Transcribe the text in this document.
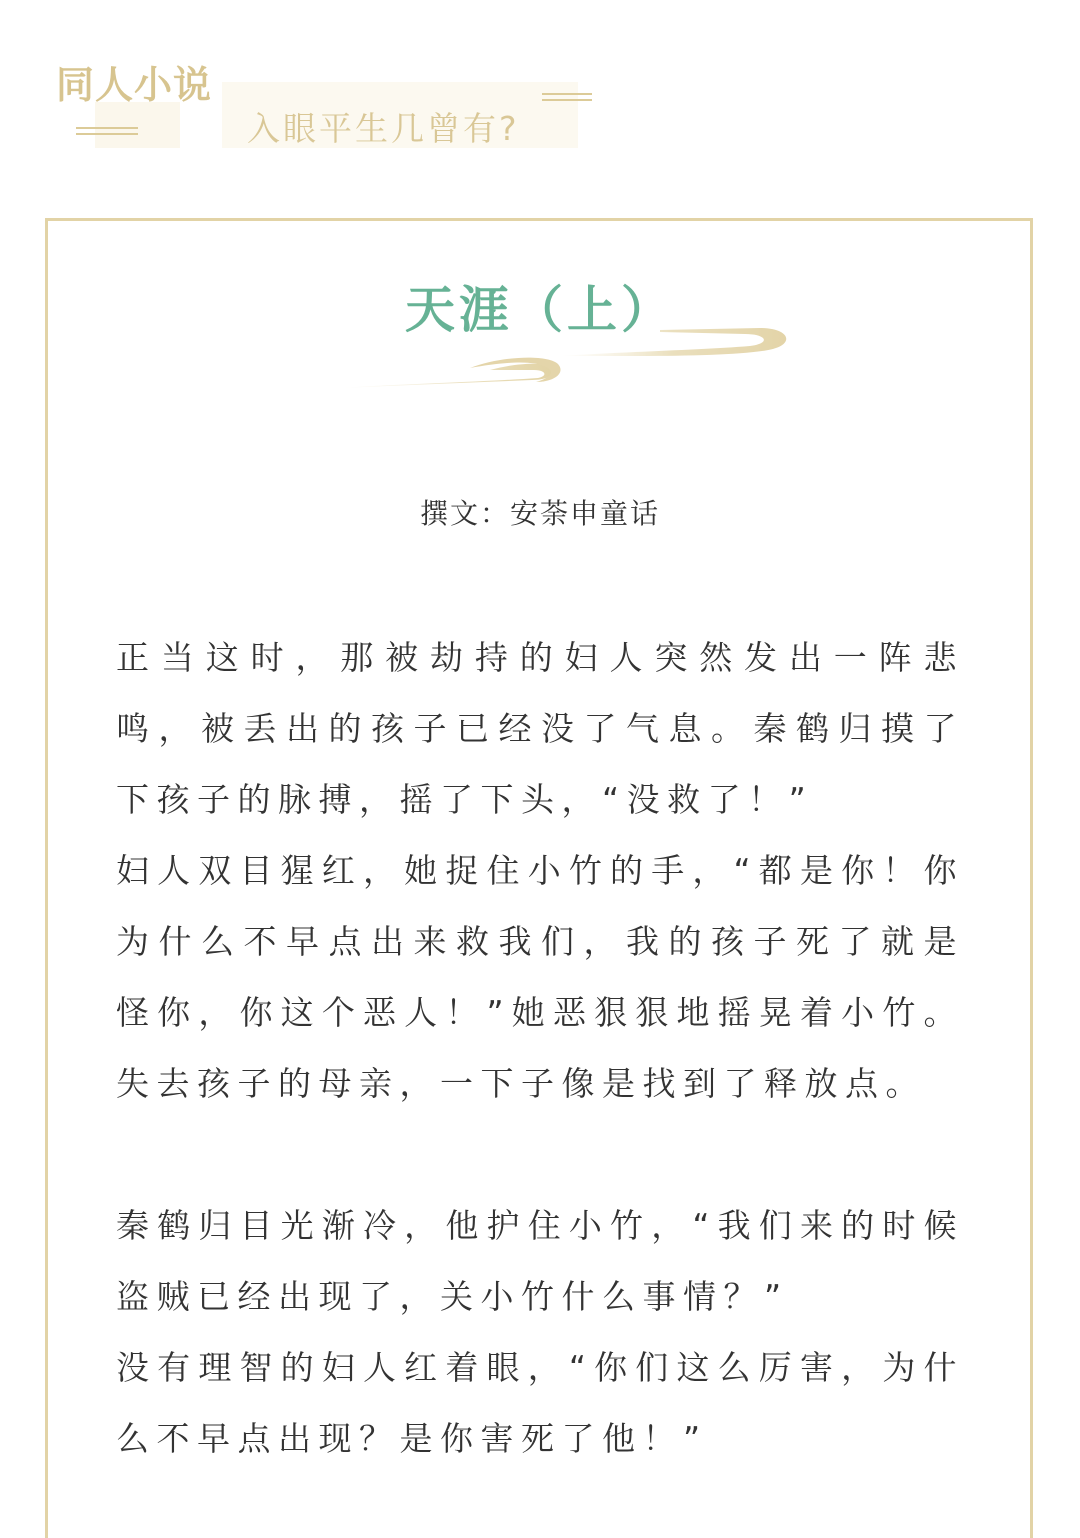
同人小说
入眼平生几曾有?
天涯（上）
撰文：安荼申童话

正当这时，那被劫持的妇人突然发出一阵悲鸣，被丢出的孩子已经没了气息。秦鹤归摸了下孩子的脉搏，摇了下头，“没救了！”

妇人双目猩红，她捉住小竹的手，“都是你！你为什么不早点出来救我们，我的孩子死了就是怪你，你这个恶人！”她恶狠狠地摇晃着小竹。失去孩子的母亲，一下子像是找到了释放点。

秦鹤归目光渐冷，他护住小竹，“我们来的时候盗贼已经出现了，关小竹什么事情？”

没有理智的妇人红着眼，“你们这么厉害，为什么不早点出现？是你害死了他！”
